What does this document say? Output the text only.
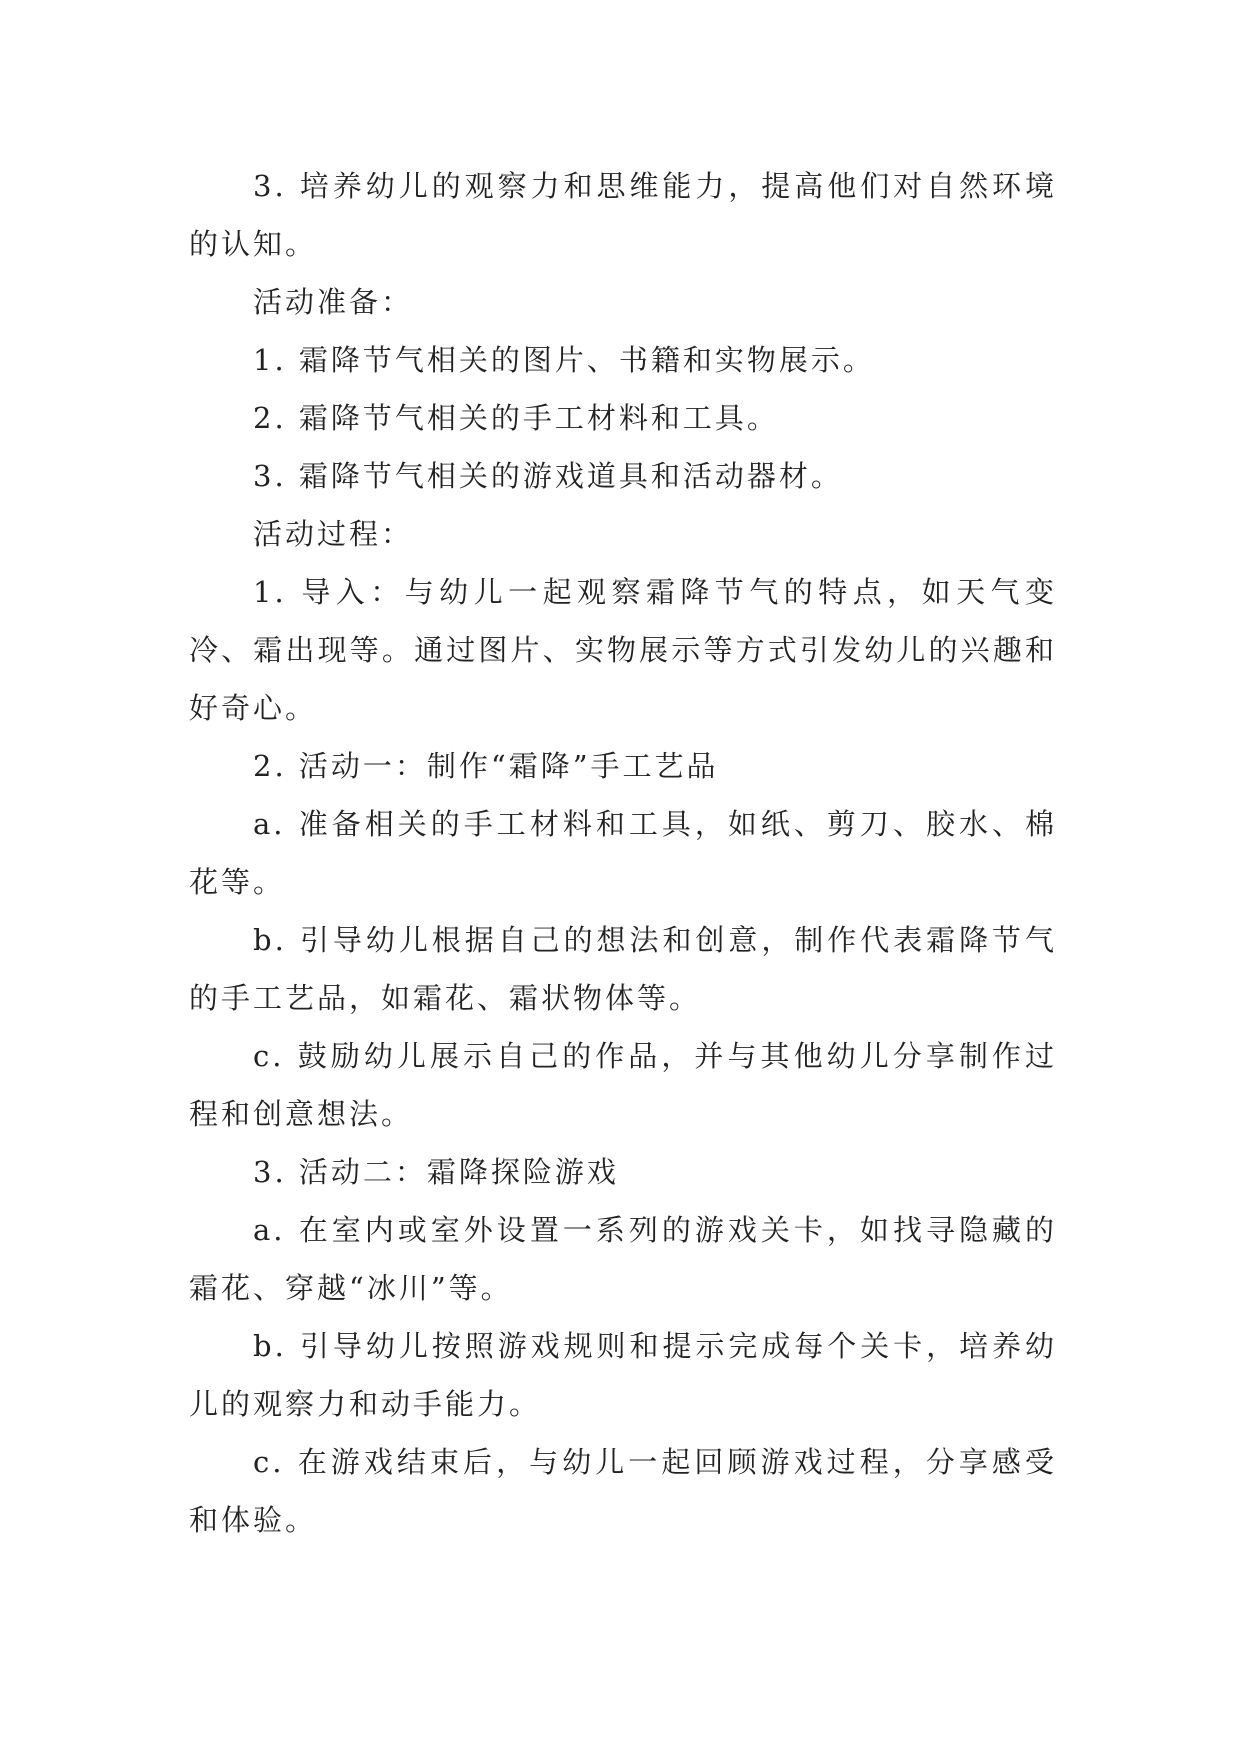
3. 培养幼儿的观察力和思维能力，提高他们对自然环境的认知。

活动准备：

1. 霜降节气相关的图片、书籍和实物展示。

2. 霜降节气相关的手工材料和工具。

3. 霜降节气相关的游戏道具和活动器材。

活动过程：

1. 导入：与幼儿一起观察霜降节气的特点，如天气变冷、霜出现等。通过图片、实物展示等方式引发幼儿的兴趣和好奇心。

2. 活动一：制作“霜降”手工艺品

a. 准备相关的手工材料和工具，如纸、剪刀、胶水、棉花等。

b. 引导幼儿根据自己的想法和创意，制作代表霜降节气的手工艺品，如霜花、霜状物体等。

c. 鼓励幼儿展示自己的作品，并与其他幼儿分享制作过程和创意想法。

3. 活动二：霜降探险游戏

a. 在室内或室外设置一系列的游戏关卡，如找寻隐藏的霜花、穿越“冰川”等。

b. 引导幼儿按照游戏规则和提示完成每个关卡，培养幼儿的观察力和动手能力。

c. 在游戏结束后，与幼儿一起回顾游戏过程，分享感受和体验。
